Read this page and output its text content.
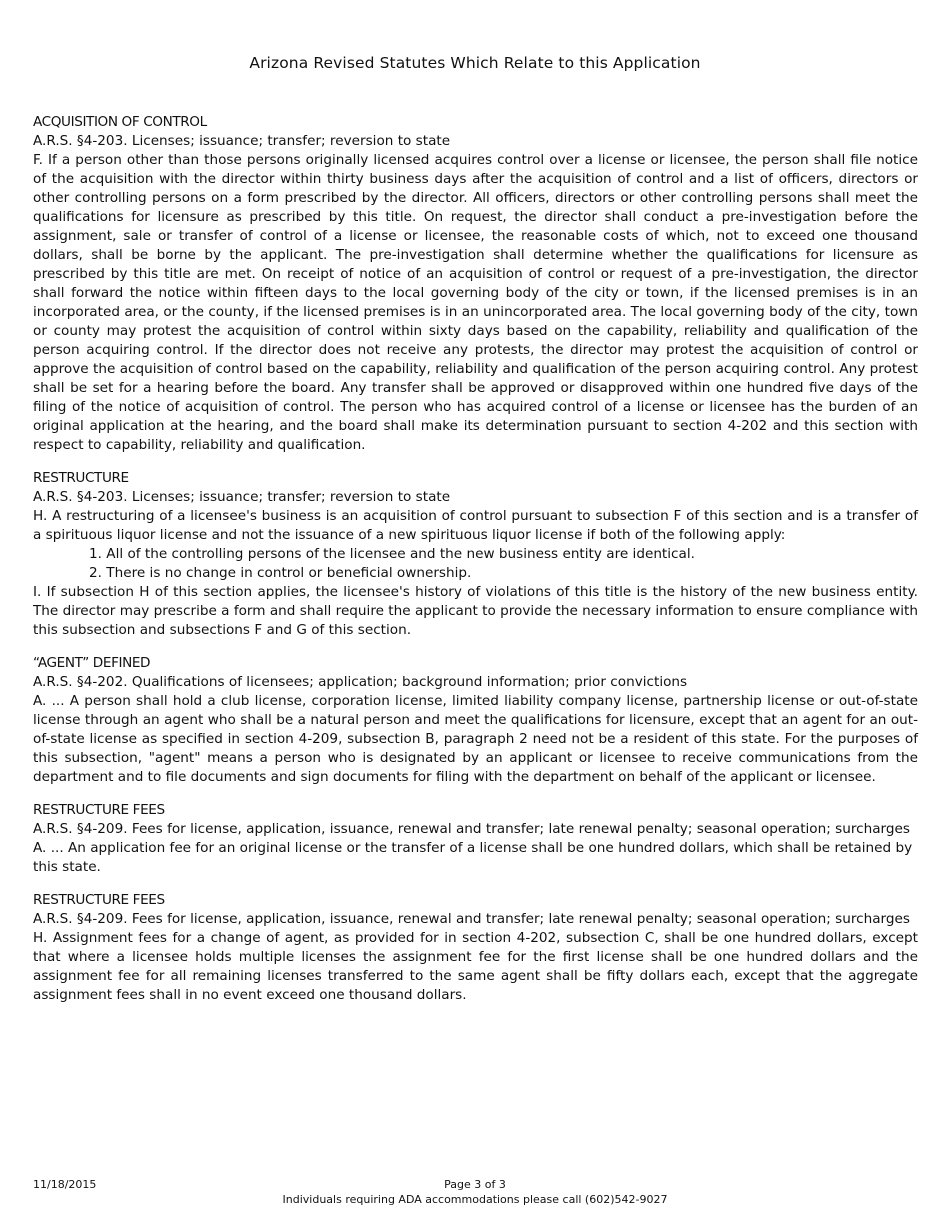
Arizona Revised Statutes Which Relate to this Application
ACQUISITION OF CONTROL
A.R.S. §4-203. Licenses; issuance; transfer; reversion to state
F. If a person other than those persons originally licensed acquires control over a license or licensee, the person shall file notice of the acquisition with the director within thirty business days after the acquisition of control and a list of officers, directors or other controlling persons on a form prescribed by the director. All officers, directors or other controlling persons shall meet the qualifications for licensure as prescribed by this title. On request, the director shall conduct a pre-investigation before the assignment, sale or transfer of control of a license or licensee, the reasonable costs of which, not to exceed one thousand dollars, shall be borne by the applicant. The pre-investigation shall determine whether the qualifications for licensure as prescribed by this title are met. On receipt of notice of an acquisition of control or request of a pre-investigation, the director shall forward the notice within fifteen days to the local governing body of the city or town, if the licensed premises is in an incorporated area, or the county, if the licensed premises is in an unincorporated area. The local governing body of the city, town or county may protest the acquisition of control within sixty days based on the capability, reliability and qualification of the person acquiring control. If the director does not receive any protests, the director may protest the acquisition of control or approve the acquisition of control based on the capability, reliability and qualification of the person acquiring control. Any protest shall be set for a hearing before the board. Any transfer shall be approved or disapproved within one hundred five days of the filing of the notice of acquisition of control. The person who has acquired control of a license or licensee has the burden of an original application at the hearing, and the board shall make its determination pursuant to section 4-202 and this section with respect to capability, reliability and qualification.
RESTRUCTURE
A.R.S. §4-203. Licenses; issuance; transfer; reversion to state
H. A restructuring of a licensee's business is an acquisition of control pursuant to subsection F of this section and is a transfer of a spirituous liquor license and not the issuance of a new spirituous liquor license if both of the following apply:
1. All of the controlling persons of the licensee and the new business entity are identical.
2. There is no change in control or beneficial ownership.
I. If subsection H of this section applies, the licensee's history of violations of this title is the history of the new business entity. The director may prescribe a form and shall require the applicant to provide the necessary information to ensure compliance with this subsection and subsections F and G of this section.
“AGENT” DEFINED
A.R.S. §4-202. Qualifications of licensees; application; background information; prior convictions
A. ... A person shall hold a club license, corporation license, limited liability company license, partnership license or out-of-state license through an agent who shall be a natural person and meet the qualifications for licensure, except that an agent for an out-of-state license as specified in section 4-209, subsection B, paragraph 2 need not be a resident of this state. For the purposes of this subsection, "agent" means a person who is designated by an applicant or licensee to receive communications from the department and to file documents and sign documents for filing with the department on behalf of the applicant or licensee.
RESTRUCTURE FEES
A.R.S. §4-209. Fees for license, application, issuance, renewal and transfer; late renewal penalty; seasonal operation; surcharges
A. ... An application fee for an original license or the transfer of a license shall be one hundred dollars, which shall be retained by this state.
RESTRUCTURE FEES
A.R.S. §4-209. Fees for license, application, issuance, renewal and transfer; late renewal penalty; seasonal operation; surcharges
H. Assignment fees for a change of agent, as provided for in section 4-202, subsection C, shall be one hundred dollars, except that where a licensee holds multiple licenses the assignment fee for the first license shall be one hundred dollars and the assignment fee for all remaining licenses transferred to the same agent shall be fifty dollars each, except that the aggregate assignment fees shall in no event exceed one thousand dollars.
11/18/2015	Page 3 of 3
Individuals requiring ADA accommodations please call (602)542-9027
